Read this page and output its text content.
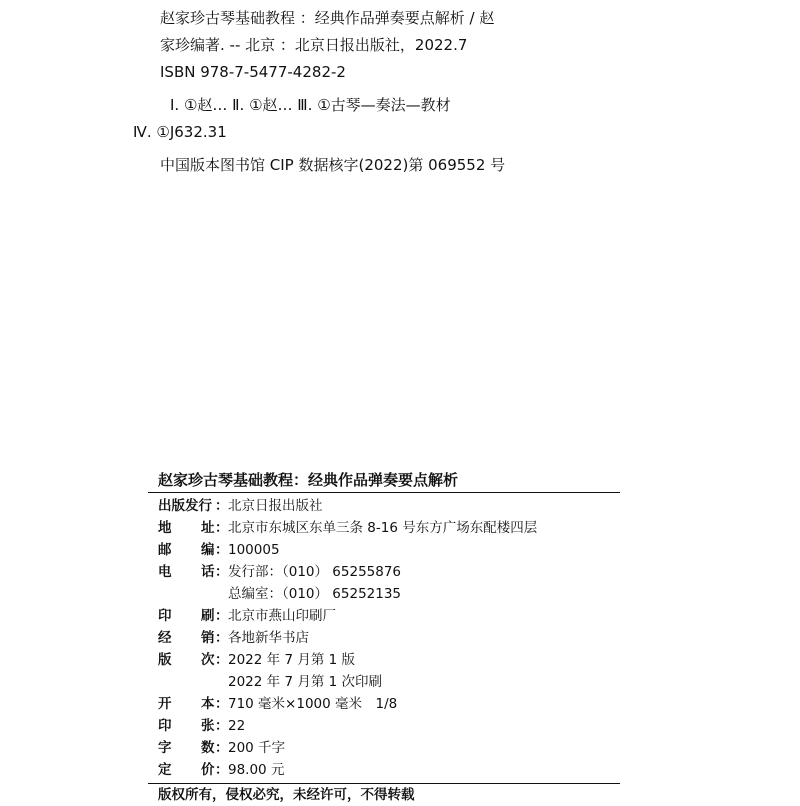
赵家珍古琴基础教程 ：经典作品弹奏要点解析 / 赵
家珍编著. -- 北京 ：北京日报出版社，2022.7
ISBN 978-7-5477-4282-2
Ⅰ. ①赵… Ⅱ. ①赵… Ⅲ. ①古琴—奏法—教材
Ⅳ. ①J632.31
中国版本图书馆 CIP 数据核字(2022)第 069552 号
赵家珍古琴基础教程：经典作品弹奏要点解析
出版发行 ： 北京日报出版社
地 址 ： 北京市东城区东单三条 8-16 号东方广场东配楼四层
邮 编 ： 100005
电 话 ： 发行部：（010） 65255876
总编室：（010） 65252135
印 刷 ： 北京市燕山印刷厂
经 销 ： 各地新华书店
版 次 ： 2022 年 7 月第 1 版
2022 年 7 月第 1 次印刷
开 本 ： 710 毫米×1000 毫米　1/8
印 张 ： 22
字 数 ： 200 千字
定 价 ： 98.00 元
版权所有，侵权必究，未经许可，不得转载
